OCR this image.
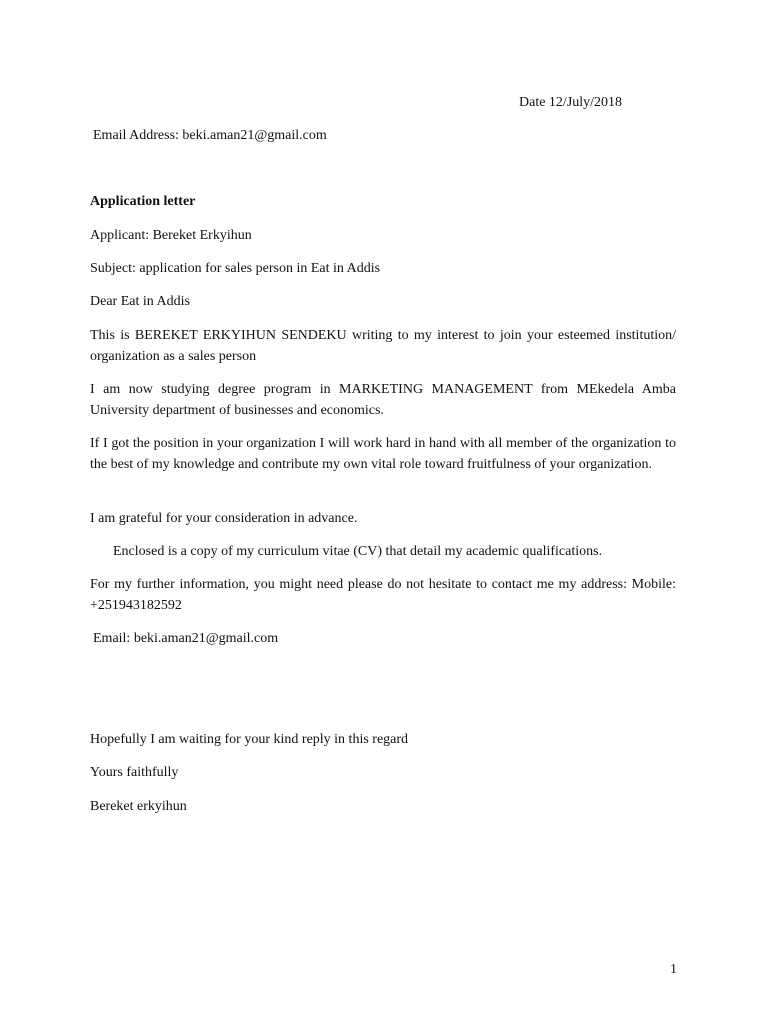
Date 12/July/2018

Email Address: beki.aman21@gmail.com

Application letter

Applicant: Bereket Erkyihun

Subject: application for sales person in Eat in Addis

Dear Eat in Addis

This is BEREKET ERKYIHUN SENDEKU writing to my interest to join your esteemed institution/ organization as a sales person

I am now studying degree program in MARKETING MANAGEMENT from MEkedela Amba University department of businesses and economics.

If I got the position in your organization I will work hard in hand with all member of the organization to the best of my knowledge and contribute my own vital role toward fruitfulness of your organization.

I am grateful for your consideration in advance.

Enclosed is a copy of my curriculum vitae (CV) that detail my academic qualifications.

For my further information, you might need please do not hesitate to contact me my address: Mobile: +251943182592

Email: beki.aman21@gmail.com

Hopefully I am waiting for your kind reply in this regard

Yours faithfully

Bereket erkyihun

1
